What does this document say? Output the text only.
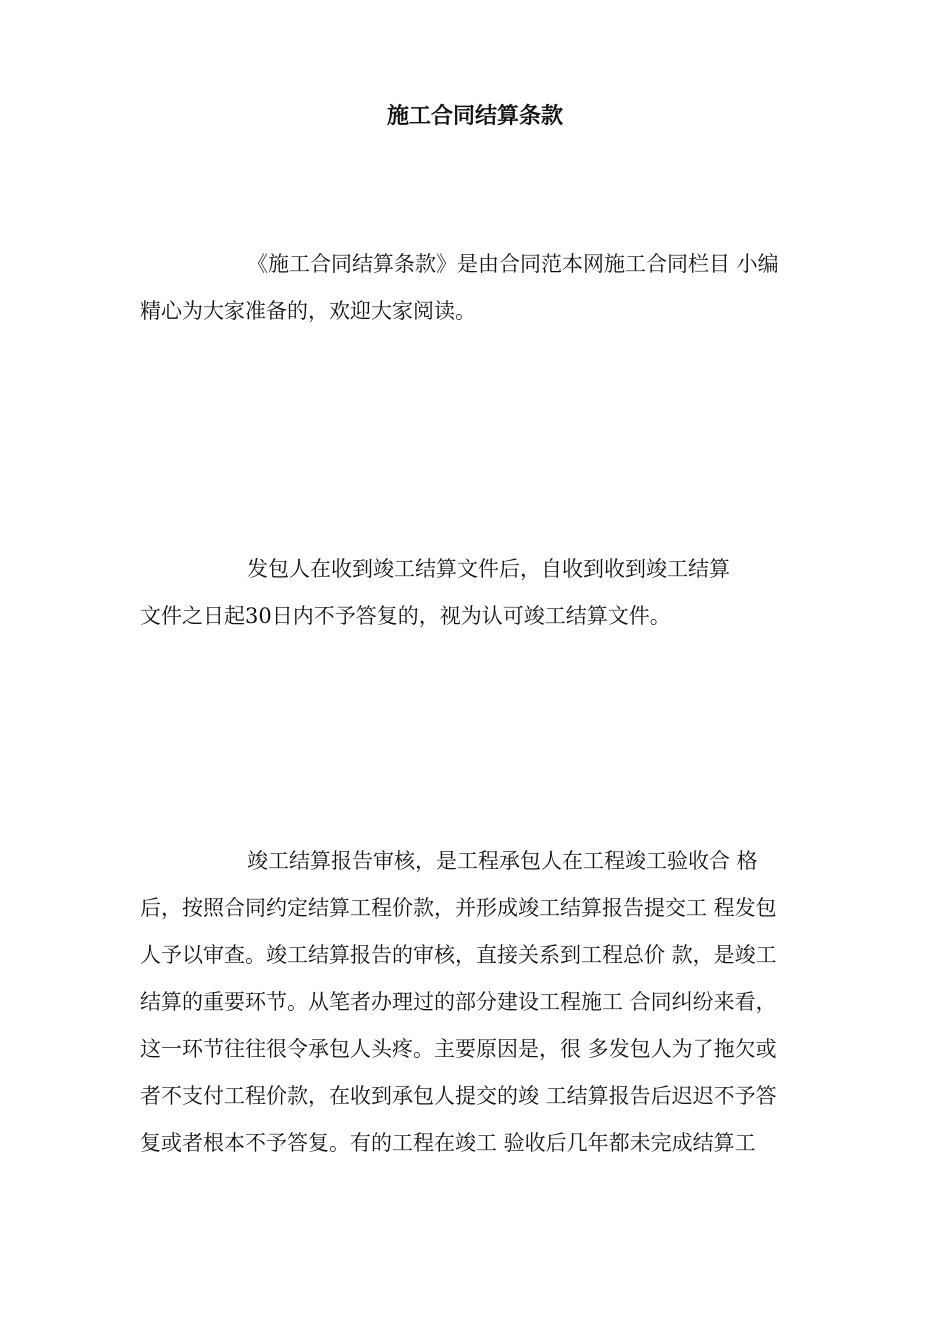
施工合同结算条款
《施工合同结算条款》是由合同范本网施工合同栏目 小编
精心为大家准备的，欢迎大家阅读。
发包人在收到竣工结算文件后，自收到收到竣工结算
文件之日起30日内不予答复的，视为认可竣工结算文件。
竣工结算报告审核，是工程承包人在工程竣工验收合 格
后，按照合同约定结算工程价款，并形成竣工结算报告提交工 程发包
人予以审查。竣工结算报告的审核，直接关系到工程总价 款，是竣工
结算的重要环节。从笔者办理过的部分建设工程施工 合同纠纷来看，
这一环节往往很令承包人头疼。主要原因是，很 多发包人为了拖欠或
者不支付工程价款，在收到承包人提交的竣 工结算报告后迟迟不予答
复或者根本不予答复。有的工程在竣工 验收后几年都未完成结算工
